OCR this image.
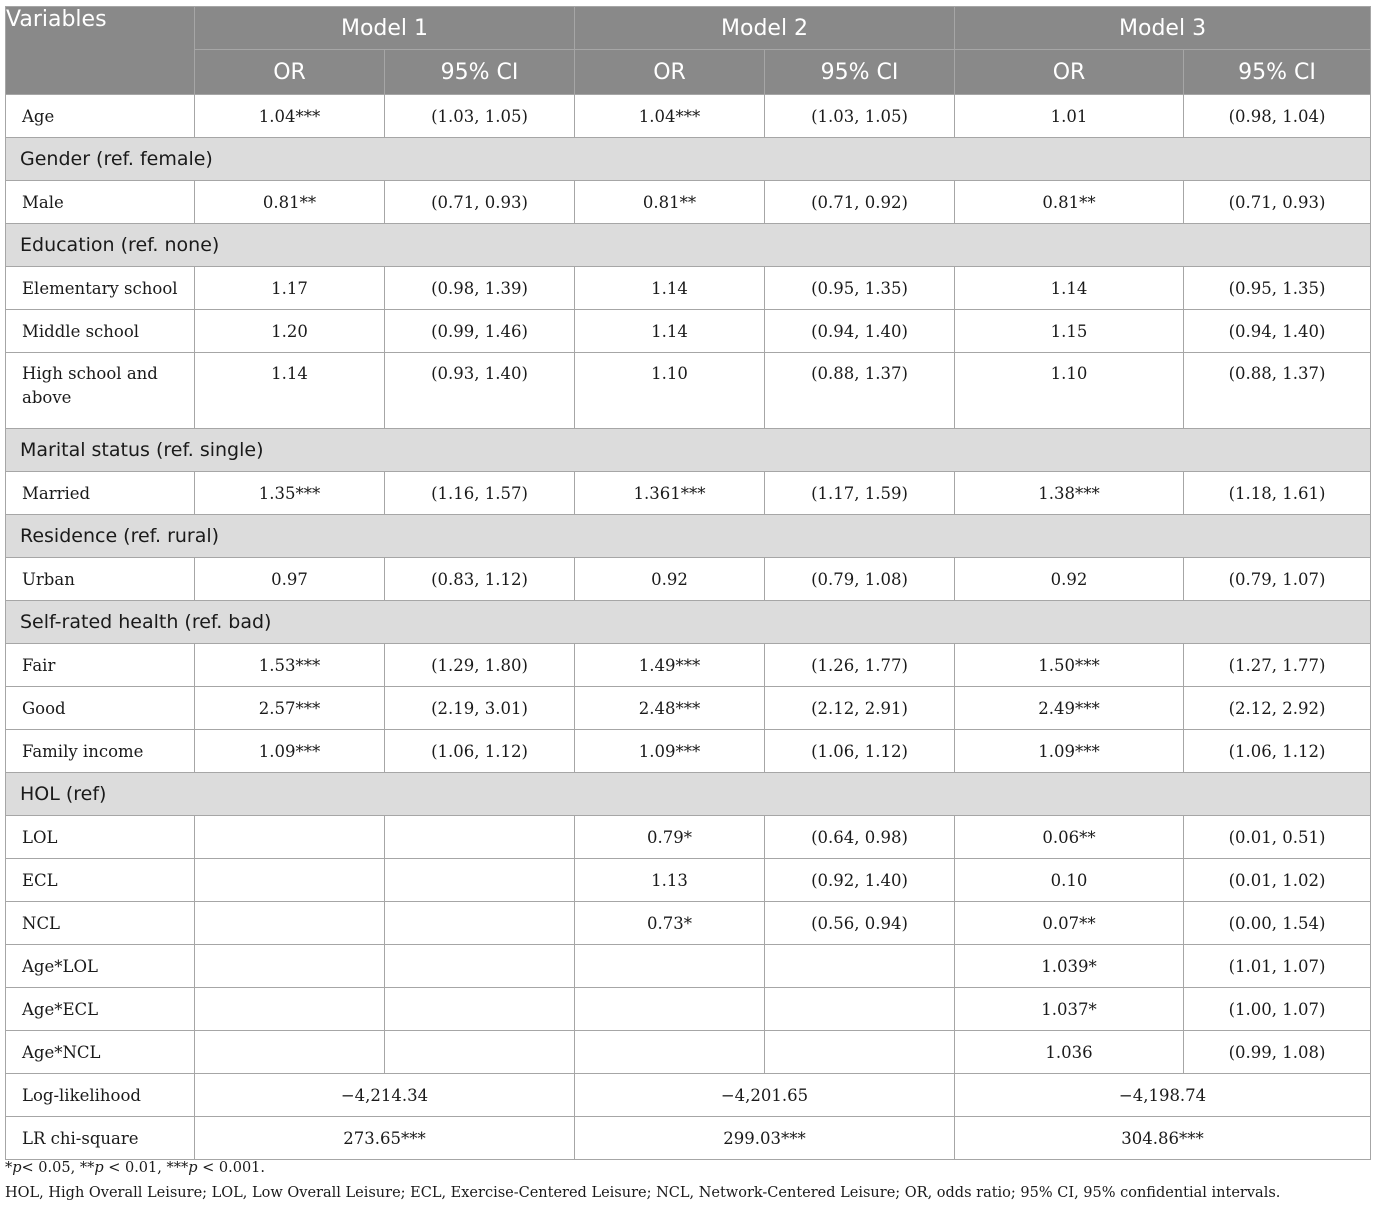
Variables	Model 1		Model 2		Model 3	
	OR	95% CI	OR	95% CI	OR	95% CI
Age	1.04***	(1.03, 1.05)	1.04***	(1.03, 1.05)	1.01	(0.98, 1.04)
Gender (ref. female)						
Male	0.81**	(0.71, 0.93)	0.81**	(0.71, 0.92)	0.81**	(0.71, 0.93)
Education (ref. none)						
Elementary school	1.17	(0.98, 1.39)	1.14	(0.95, 1.35)	1.14	(0.95, 1.35)
Middle school	1.20	(0.99, 1.46)	1.14	(0.94, 1.40)	1.15	(0.94, 1.40)
High school and above	1.14	(0.93, 1.40)	1.10	(0.88, 1.37)	1.10	(0.88, 1.37)
Marital status (ref. single)						
Married	1.35***	(1.16, 1.57)	1.361***	(1.17, 1.59)	1.38***	(1.18, 1.61)
Residence (ref. rural)						
Urban	0.97	(0.83, 1.12)	0.92	(0.79, 1.08)	0.92	(0.79, 1.07)
Self-rated health (ref. bad)						
Fair	1.53***	(1.29, 1.80)	1.49***	(1.26, 1.77)	1.50***	(1.27, 1.77)
Good	2.57***	(2.19, 3.01)	2.48***	(2.12, 2.91)	2.49***	(2.12, 2.92)
Family income	1.09***	(1.06, 1.12)	1.09***	(1.06, 1.12)	1.09***	(1.06, 1.12)
HOL (ref)						
LOL			0.79*	(0.64, 0.98)	0.06**	(0.01, 0.51)
ECL			1.13	(0.92, 1.40)	0.10	(0.01, 1.02)
NCL			0.73*	(0.56, 0.94)	0.07**	(0.00, 1.54)
Age*LOL					1.039*	(1.01, 1.07)
Age*ECL					1.037*	(1.00, 1.07)
Age*NCL					1.036	(0.99, 1.08)
Log-likelihood	−4,214.34		−4,201.65		−4,198.74	
LR chi-square	273.65***		299.03***		304.86***	
*p< 0.05, **p < 0.01, ***p < 0.001.
HOL, High Overall Leisure; LOL, Low Overall Leisure; ECL, Exercise-Centered Leisure; NCL, Network-Centered Leisure; OR, odds ratio; 95% CI, 95% confidential intervals.
